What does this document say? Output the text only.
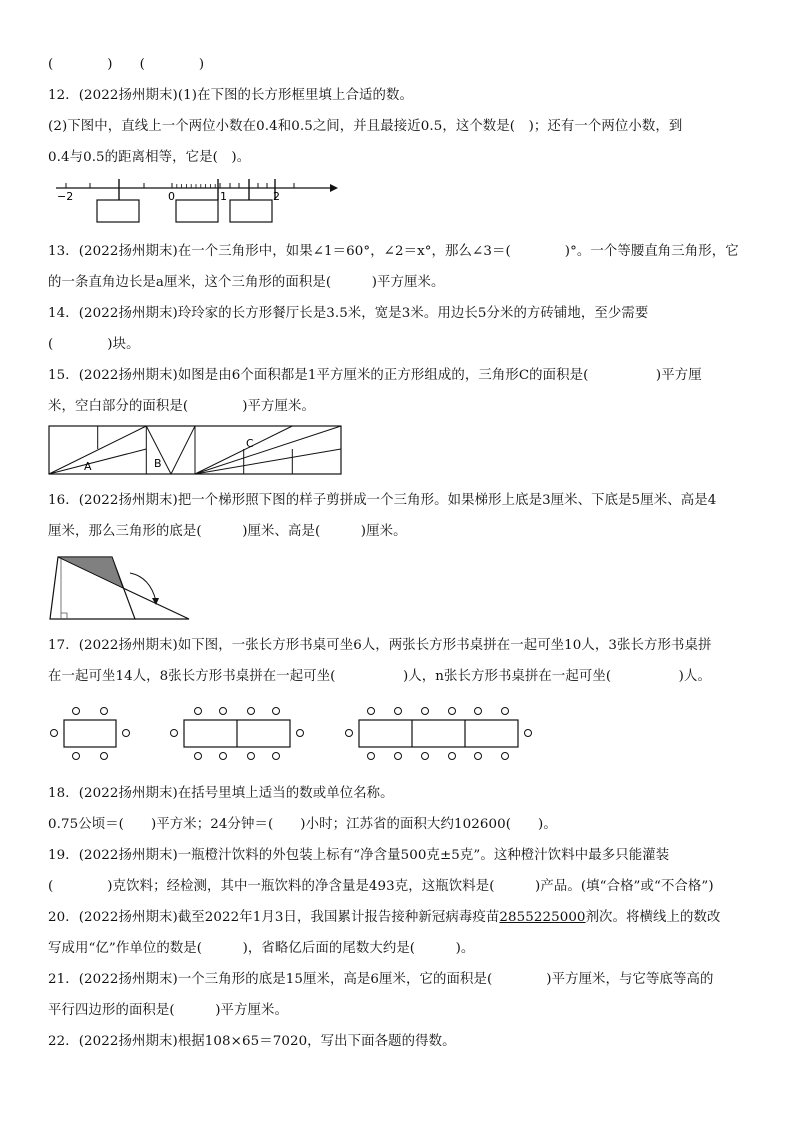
(　　　　)　　(　　　　)
12．(2022扬州期末)(1)在下图的长方形框里填上合适的数。
(2)下图中，直线上一个两位小数在0.4和0.5之间，并且最接近0.5，这个数是(　)；还有一个两位小数，到
0.4与0.5的距离相等，它是(　)。
−2	0	1	2
13．(2022扬州期末)在一个三角形中，如果∠1＝60°，∠2＝x°，那么∠3＝(　　　　)°。一个等腰直角三角形，它
的一条直角边长是a厘米，这个三角形的面积是(　　　)平方厘米。
14．(2022扬州期末)玲玲家的长方形餐厅长是3.5米，宽是3米。用边长5分米的方砖铺地，至少需要
(　　　　)块。
15．(2022扬州期末)如图是由6个面积都是1平方厘米的正方形组成的，三角形C的面积是(　　　　　)平方厘
米，空白部分的面积是(　　　　)平方厘米。
A	B
C
16．(2022扬州期末)把一个梯形照下图的样子剪拼成一个三角形。如果梯形上底是3厘米、下底是5厘米、高是4
厘米，那么三角形的底是(　　　)厘米、高是(　　　)厘米。
17．(2022扬州期末)如下图，一张长方形书桌可坐6人，两张长方形书桌拼在一起可坐10人，3张长方形书桌拼
在一起可坐14人，8张长方形书桌拼在一起可坐(　　　　　)人，n张长方形书桌拼在一起可坐(　　　　　)人。
18．(2022扬州期末)在括号里填上适当的数或单位名称。
0.75公顷＝(　　)平方米；24分钟＝(　　)小时；江苏省的面积大约102600(　　)。
19．(2022扬州期末)一瓶橙汁饮料的外包装上标有“净含量500克±5克”。这种橙汁饮料中最多只能灌装
(　　　　)克饮料；经检测，其中一瓶饮料的净含量是493克，这瓶饮料是(　　　)产品。(填“合格”或“不合格”)
20．(2022扬州期末)截至2022年1月3日，我国累计报告接种新冠病毒疫苗2855225000剂次。将横线上的数改
写成用“亿”作单位的数是(　　　)，省略亿后面的尾数大约是(　　　)。
21．(2022扬州期末)一个三角形的底是15厘米，高是6厘米，它的面积是(　　　　)平方厘米，与它等底等高的
平行四边形的面积是(　　　)平方厘米。
22．(2022扬州期末)根据108×65＝7020，写出下面各题的得数。
